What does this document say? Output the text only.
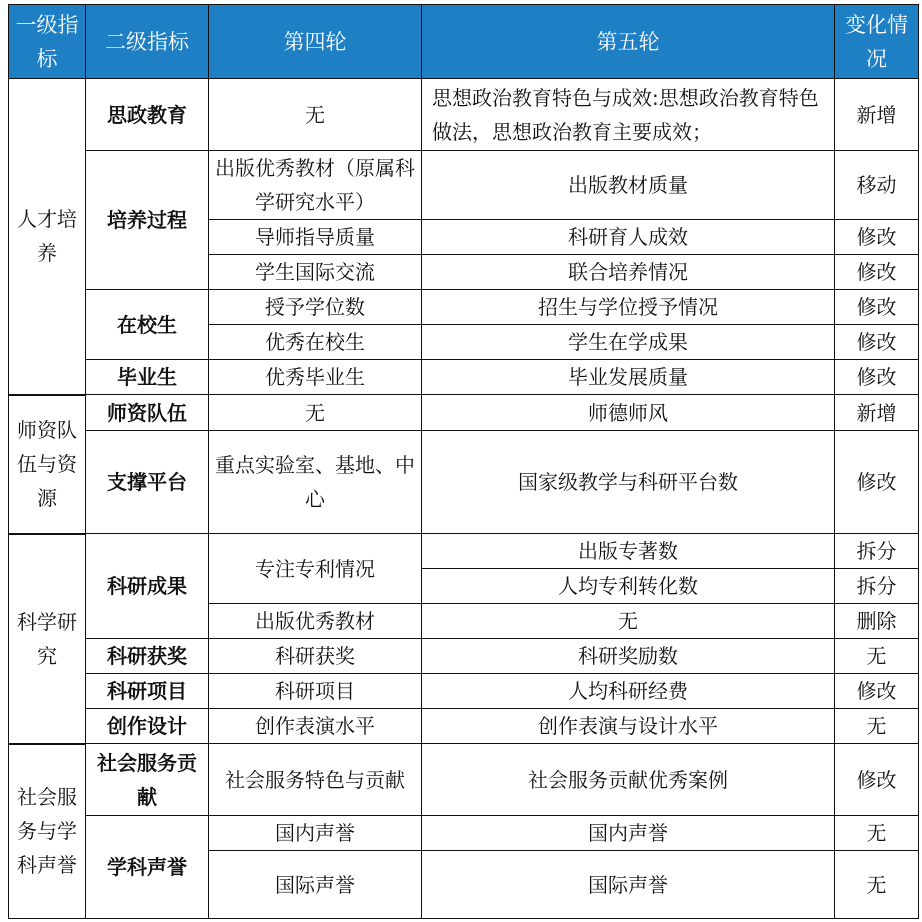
一级指标	二级指标	第四轮	第五轮	变化情况
人才培养	思政教育	无	思想政治教育特色与成效:思想政治教育特色做法，思想政治教育主要成效；	新增
	培养过程	出版优秀教材（原属科学研究水平）	出版教材质量	移动
		导师指导质量	科研育人成效	修改
		学生国际交流	联合培养情况	修改
	在校生	授予学位数	招生与学位授予情况	修改
		优秀在校生	学生在学成果	修改
	毕业生	优秀毕业生	毕业发展质量	修改
师资队伍与资源	师资队伍	无	师德师风	新增
	支撑平台	重点实验室、基地、中心	国家级教学与科研平台数	修改
科学研究	科研成果	专注专利情况	出版专著数	拆分
			人均专利转化数	拆分
		出版优秀教材	无	删除
	科研获奖	科研获奖	科研奖励数	无
	科研项目	科研项目	人均科研经费	修改
	创作设计	创作表演水平	创作表演与设计水平	无
社会服务与学科声誉	社会服务贡献	社会服务特色与贡献	社会服务贡献优秀案例	修改
	学科声誉	国内声誉	国内声誉	无
		国际声誉	国际声誉	无
